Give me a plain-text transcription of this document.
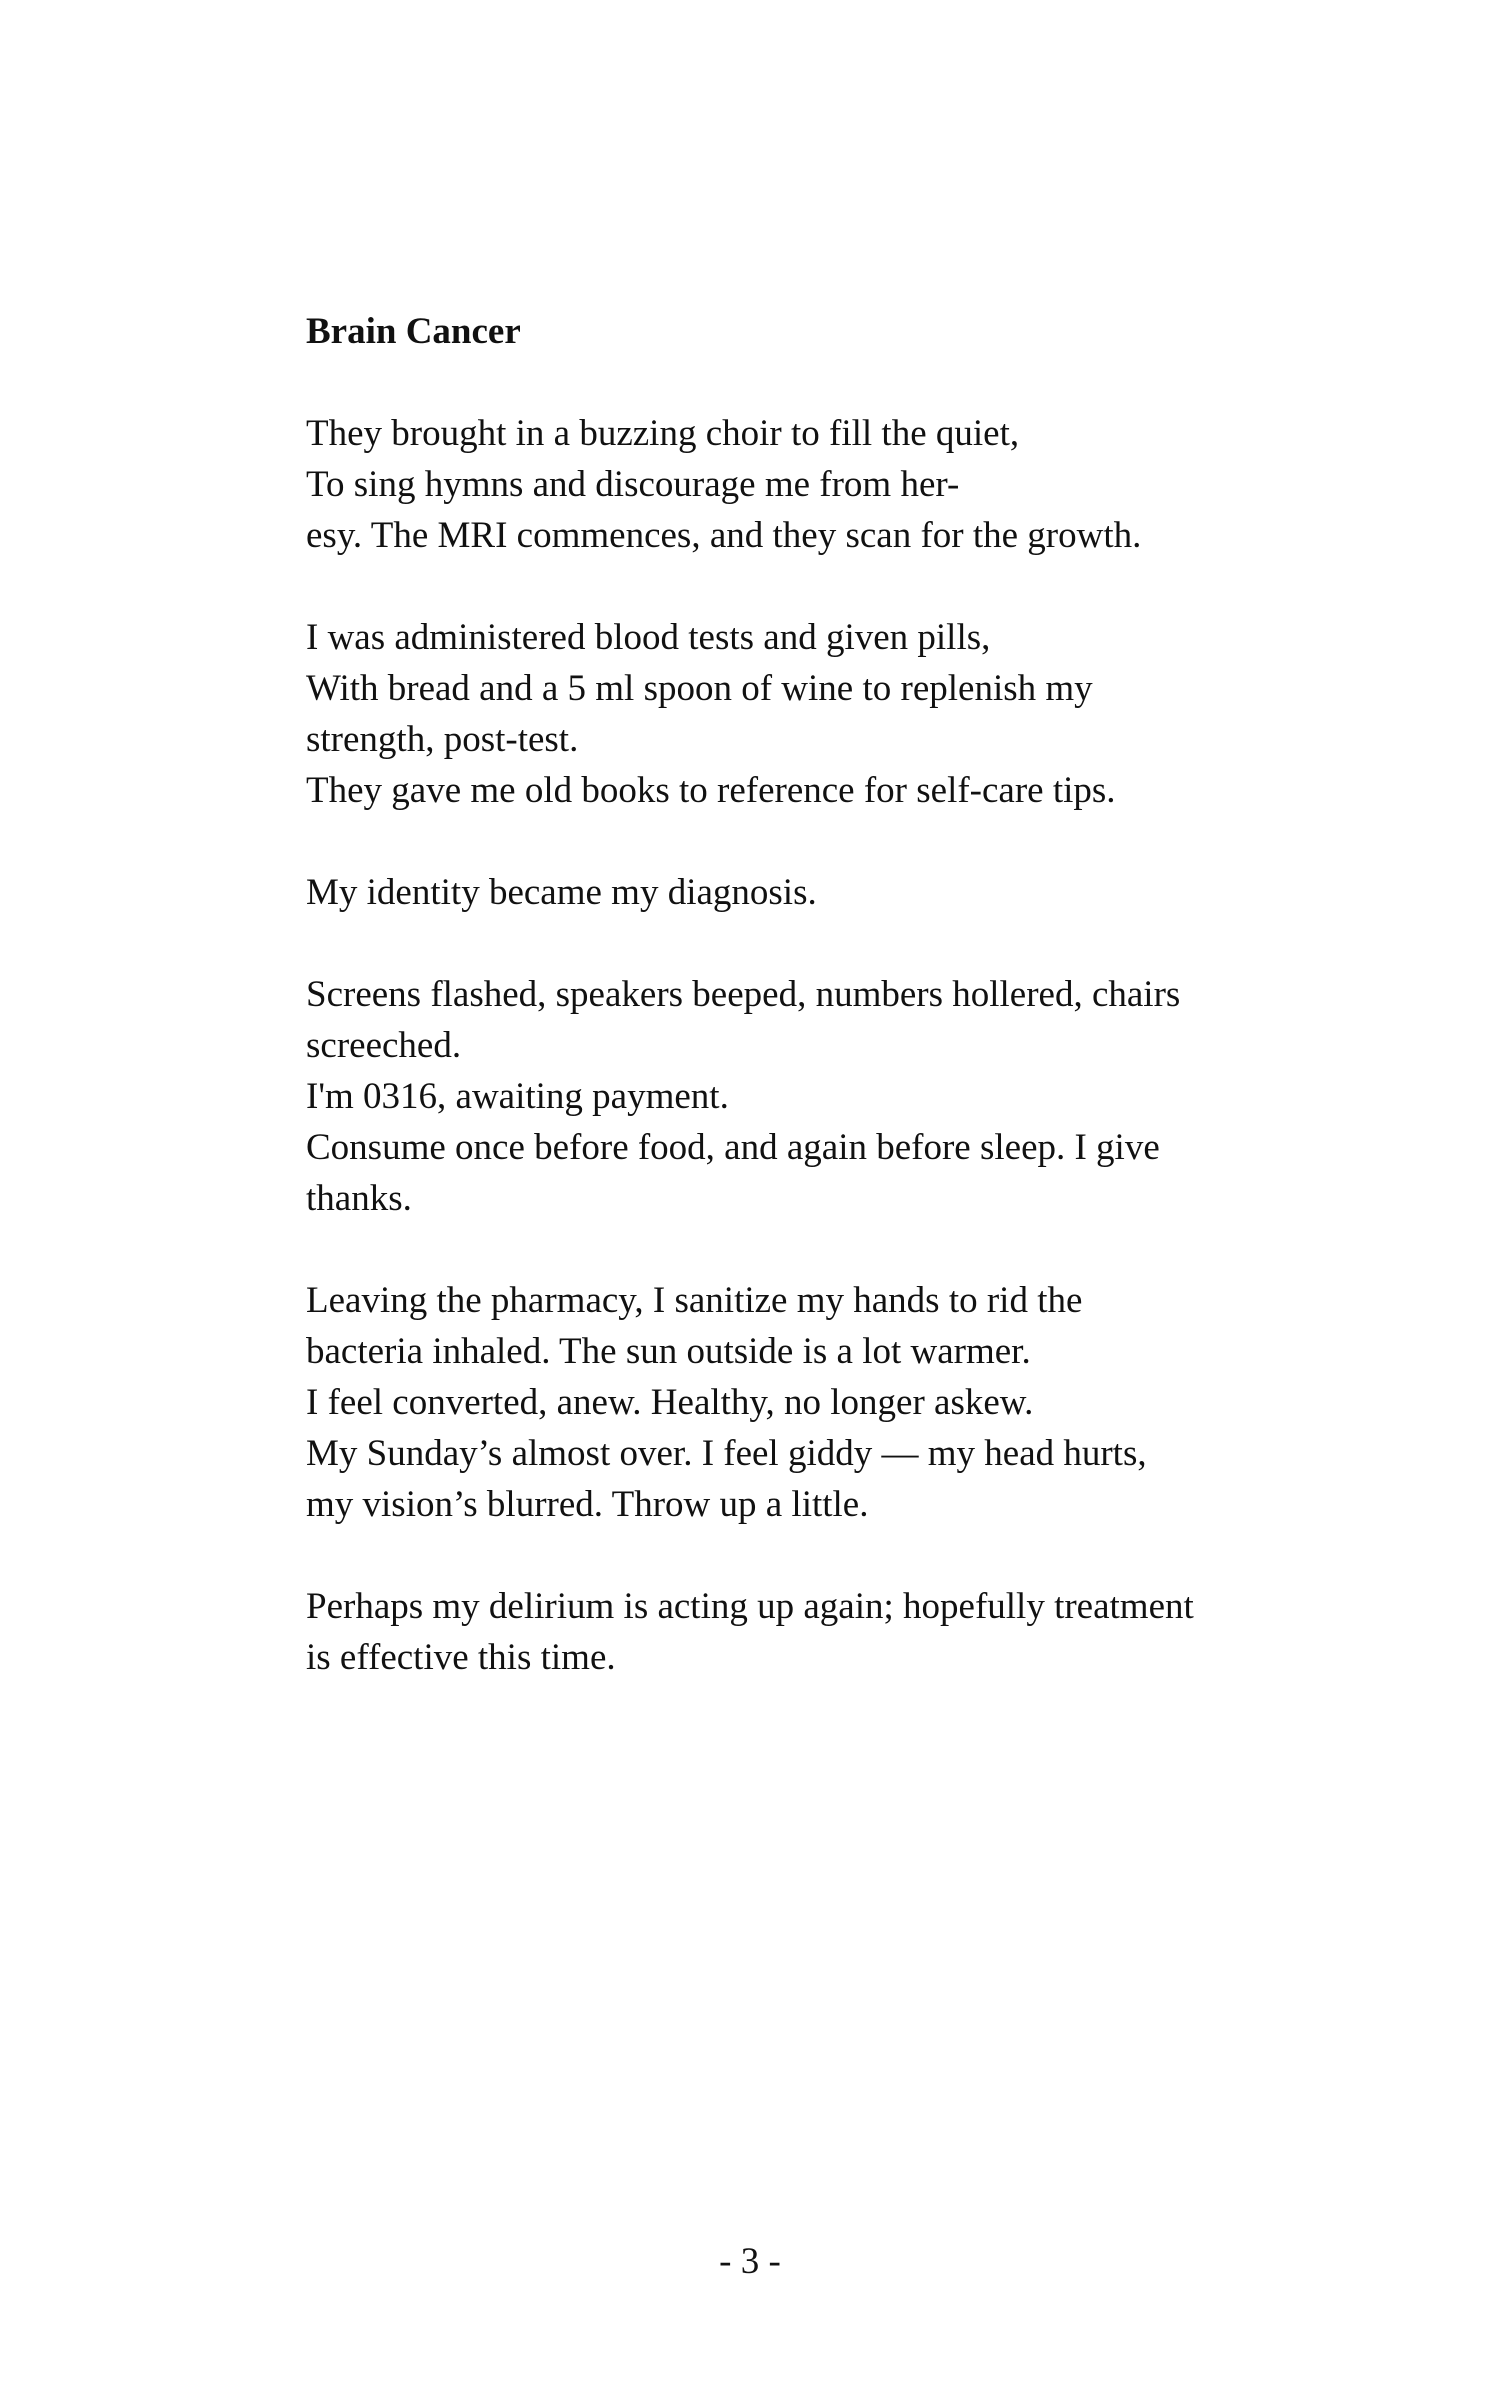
Brain Cancer
They brought in a buzzing choir to fill the quiet,
To sing hymns and discourage me from her-
esy. The MRI commences, and they scan for the growth.
I was administered blood tests and given pills,
With bread and a 5 ml spoon of wine to replenish my
strength, post-test.
They gave me old books to reference for self-care tips.
My identity became my diagnosis.
Screens flashed, speakers beeped, numbers hollered, chairs
screeched.
I'm 0316, awaiting payment.
Consume once before food, and again before sleep. I give
thanks.
Leaving the pharmacy, I sanitize my hands to rid the
bacteria inhaled. The sun outside is a lot warmer.
I feel converted, anew. Healthy, no longer askew.
My Sunday’s almost over. I feel giddy — my head hurts,
my vision’s blurred. Throw up a little.
Perhaps my delirium is acting up again; hopefully treatment
is effective this time.
- 3 -
